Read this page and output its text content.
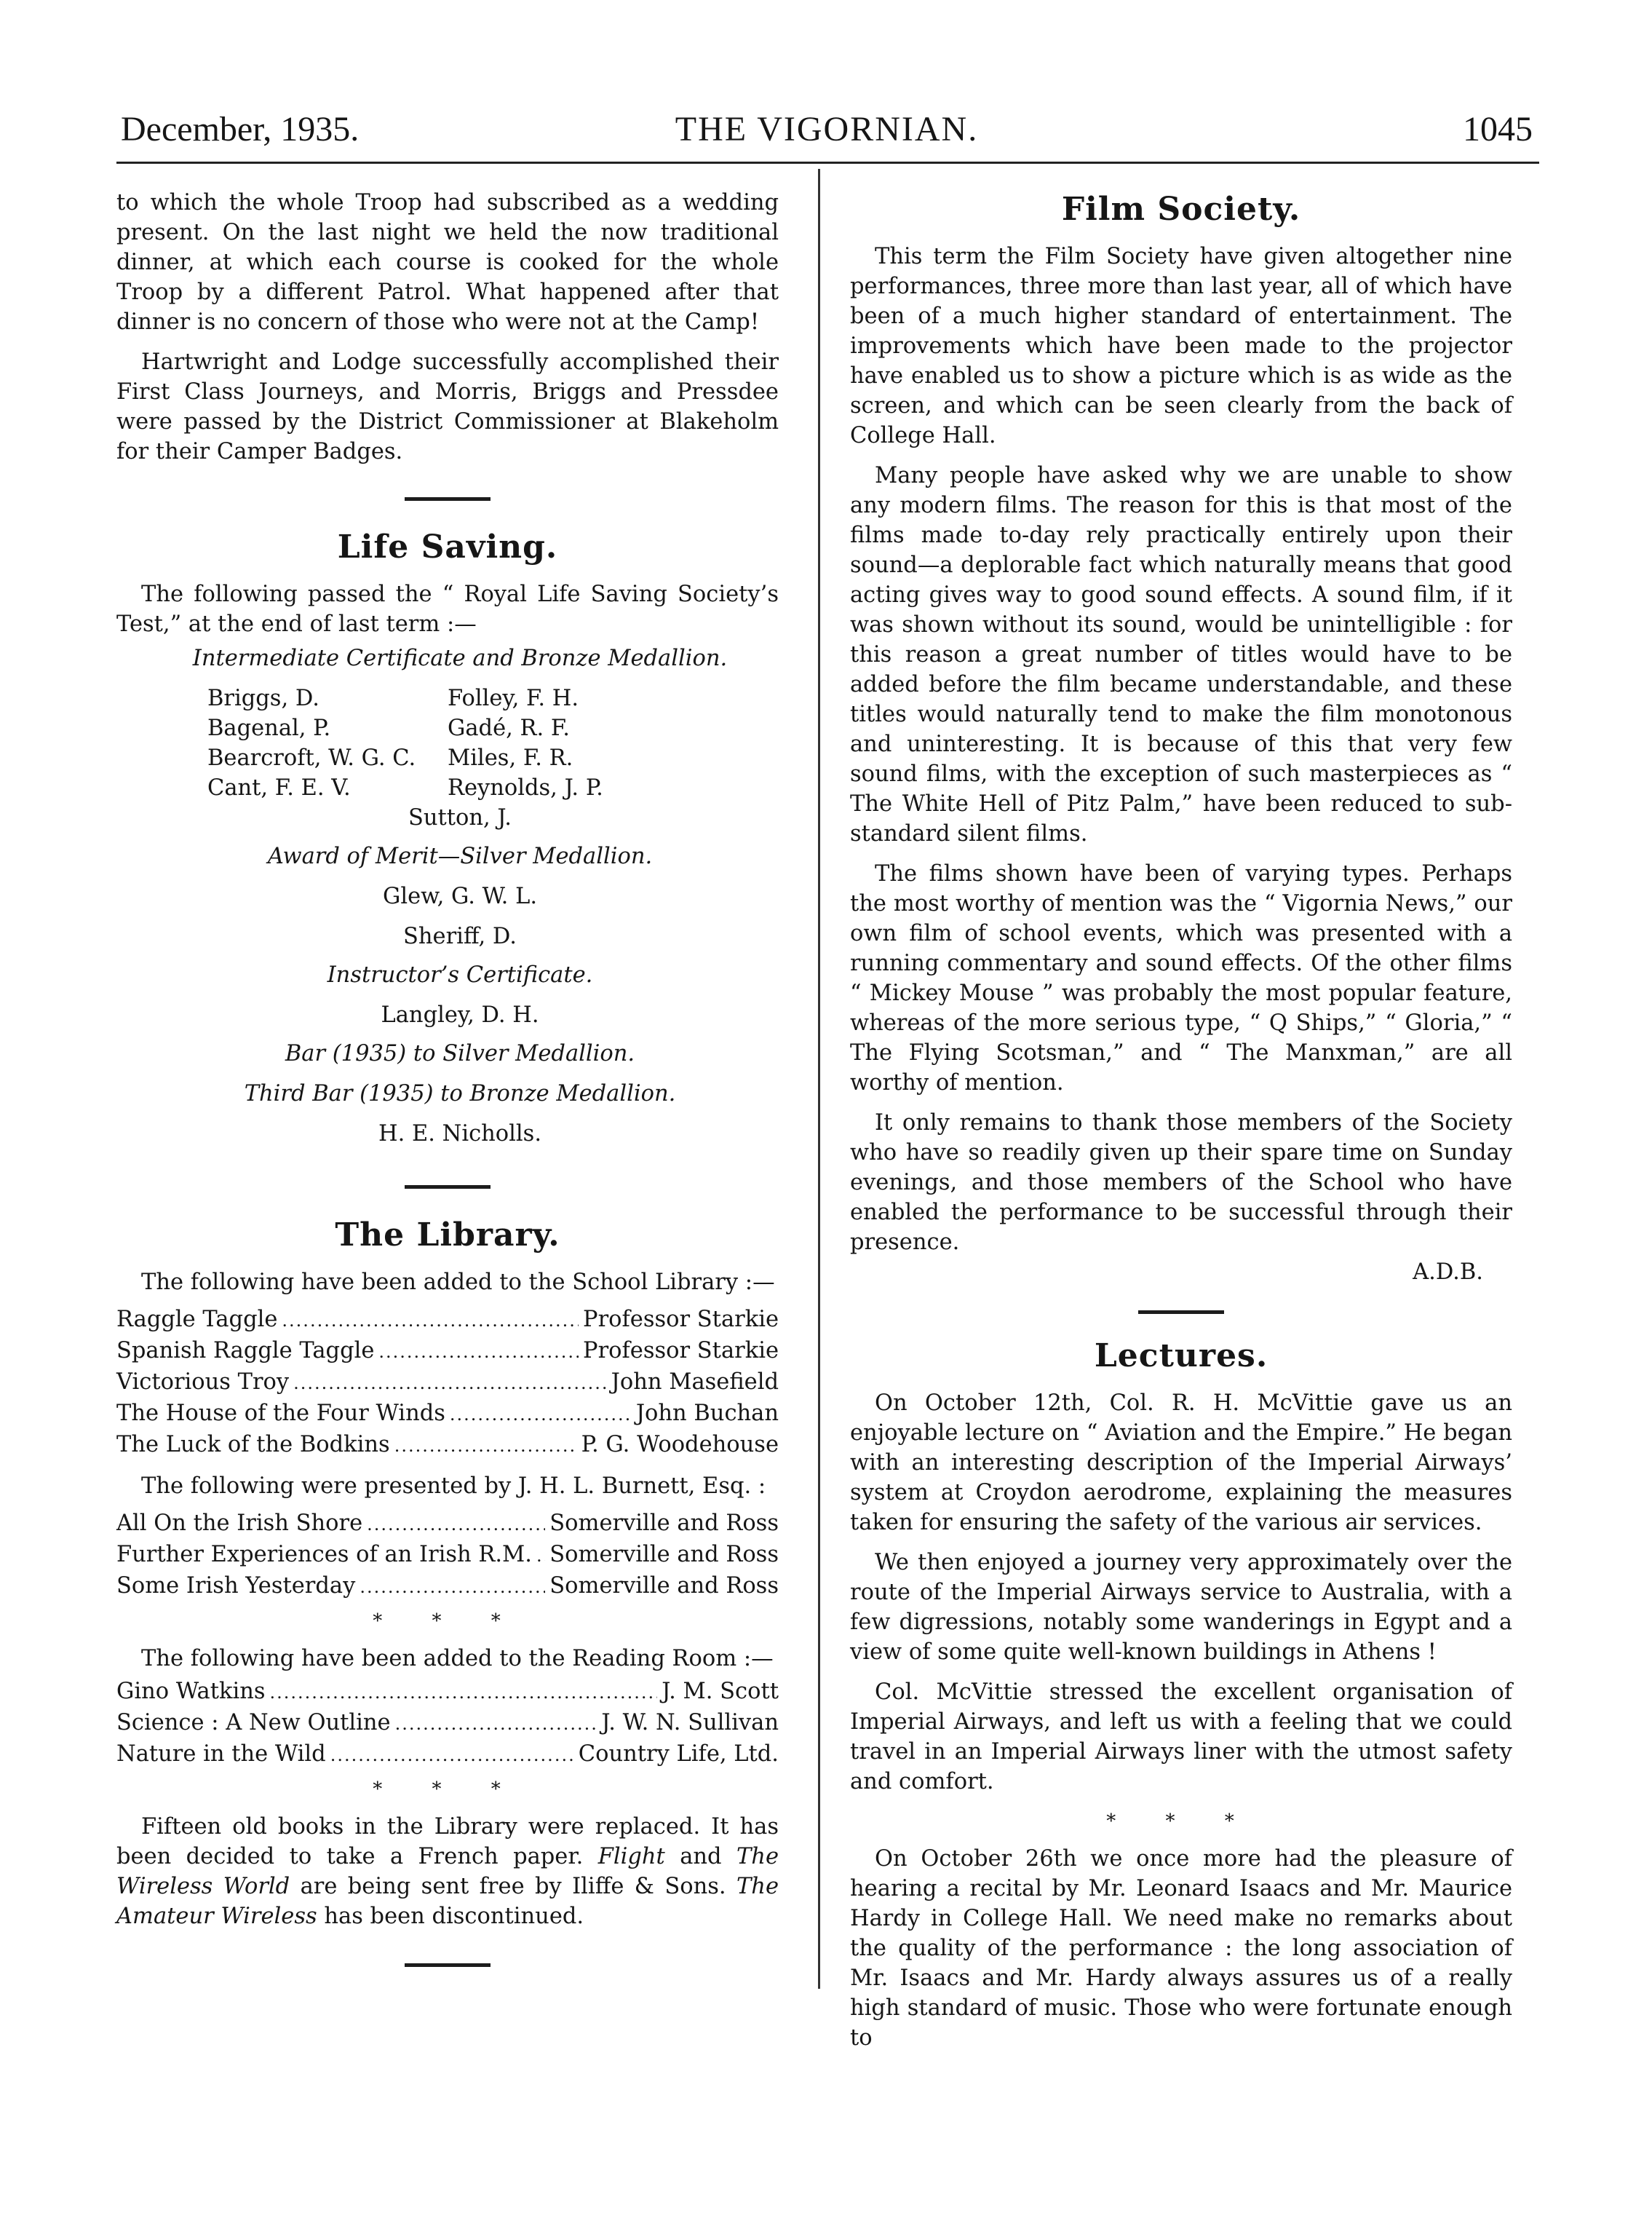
December, 1935.	THE VIGORNIAN.	1045

to which the whole Troop had subscribed as a wedding present. On the last night we held the now traditional dinner, at which each course is cooked for the whole Troop by a different Patrol. What happened after that dinner is no concern of those who were not at the Camp!

Hartwright and Lodge successfully accomplished their First Class Journeys, and Morris, Briggs and Pressdee were passed by the District Commissioner at Blakeholm for their Camper Badges.

Life Saving.

The following passed the “ Royal Life Saving Society’s Test,” at the end of last term :—

Intermediate Certificate and Bronze Medallion.

Briggs, D.	Folley, F. H.
Bagenal, P.	Gadé, R. F.
Bearcroft, W. G. C.	Miles, F. R.
Cant, F. E. V.	Reynolds, J. P.

Sutton, J.

Award of Merit—Silver Medallion.

Glew, G. W. L.

Sheriff, D.

Instructor’s Certificate.

Langley, D. H.

Bar (1935) to Silver Medallion.

Third Bar (1935) to Bronze Medallion.

H. E. Nicholls.

The Library.

The following have been added to the School Library :—

Raggle Taggle .....	Professor Starkie
Spanish Raggle Taggle .....	Professor Starkie
Victorious Troy .....	John Masefield
The House of the Four Winds .....	John Buchan
The Luck of the Bodkins .....	P. G. Woodehouse

The following were presented by J. H. L. Burnett, Esq. :

All On the Irish Shore .....	Somerville and Ross
Further Experiences of an Irish R.M. ..... Somerville and Ross
Some Irish Yesterday .....	Somerville and Ross
* * *

The following have been added to the Reading Room :—

Gino Watkins .....	J. M. Scott
Science : A New Outline .....	J. W. N. Sullivan
Nature in the Wild .....	Country Life, Ltd.
* * *

Fifteen old books in the Library were replaced. It has been decided to take a French paper. Flight and The Wireless World are being sent free by Iliffe & Sons. The Amateur Wireless has been discontinued.

Film Society.

This term the Film Society have given altogether nine performances, three more than last year, all of which have been of a much higher standard of entertainment. The improvements which have been made to the projector have enabled us to show a picture which is as wide as the screen, and which can be seen clearly from the back of College Hall.

Many people have asked why we are unable to show any modern films. The reason for this is that most of the films made to-day rely practically entirely upon their sound—a deplorable fact which naturally means that good acting gives way to good sound effects. A sound film, if it was shown without its sound, would be unintelligible : for this reason a great number of titles would have to be added before the film became understandable, and these titles would naturally tend to make the film monotonous and uninteresting. It is because of this that very few sound films, with the exception of such masterpieces as “ The White Hell of Pitz Palm,” have been reduced to sub-standard silent films.

The films shown have been of varying types. Perhaps the most worthy of mention was the “ Vigornia News,” our own film of school events, which was presented with a running commentary and sound effects. Of the other films “ Mickey Mouse ” was probably the most popular feature, whereas of the more serious type, “ Q Ships,” “ Gloria,” “ The Flying Scotsman,” and “ The Manxman,” are all worthy of mention.

It only remains to thank those members of the Society who have so readily given up their spare time on Sunday evenings, and those members of the School who have enabled the performance to be successful through their presence.

A.D.B.
Lectures.

On October 12th, Col. R. H. McVittie gave us an enjoyable lecture on “ Aviation and the Empire.” He began with an interesting description of the Imperial Airways’ system at Croydon aerodrome, explaining the measures taken for ensuring the safety of the various air services.

We then enjoyed a journey very approximately over the route of the Imperial Airways service to Australia, with a few digressions, notably some wanderings in Egypt and a view of some quite well-known buildings in Athens !

Col. McVittie stressed the excellent organisation of Imperial Airways, and left us with a feeling that we could travel in an Imperial Airways liner with the utmost safety and comfort.

* * *

On October 26th we once more had the pleasure of hearing a recital by Mr. Leonard Isaacs and Mr. Maurice Hardy in College Hall. We need make no remarks about the quality of the performance : the long association of Mr. Isaacs and Mr. Hardy always assures us of a really high standard of music. Those who were fortunate enough to
